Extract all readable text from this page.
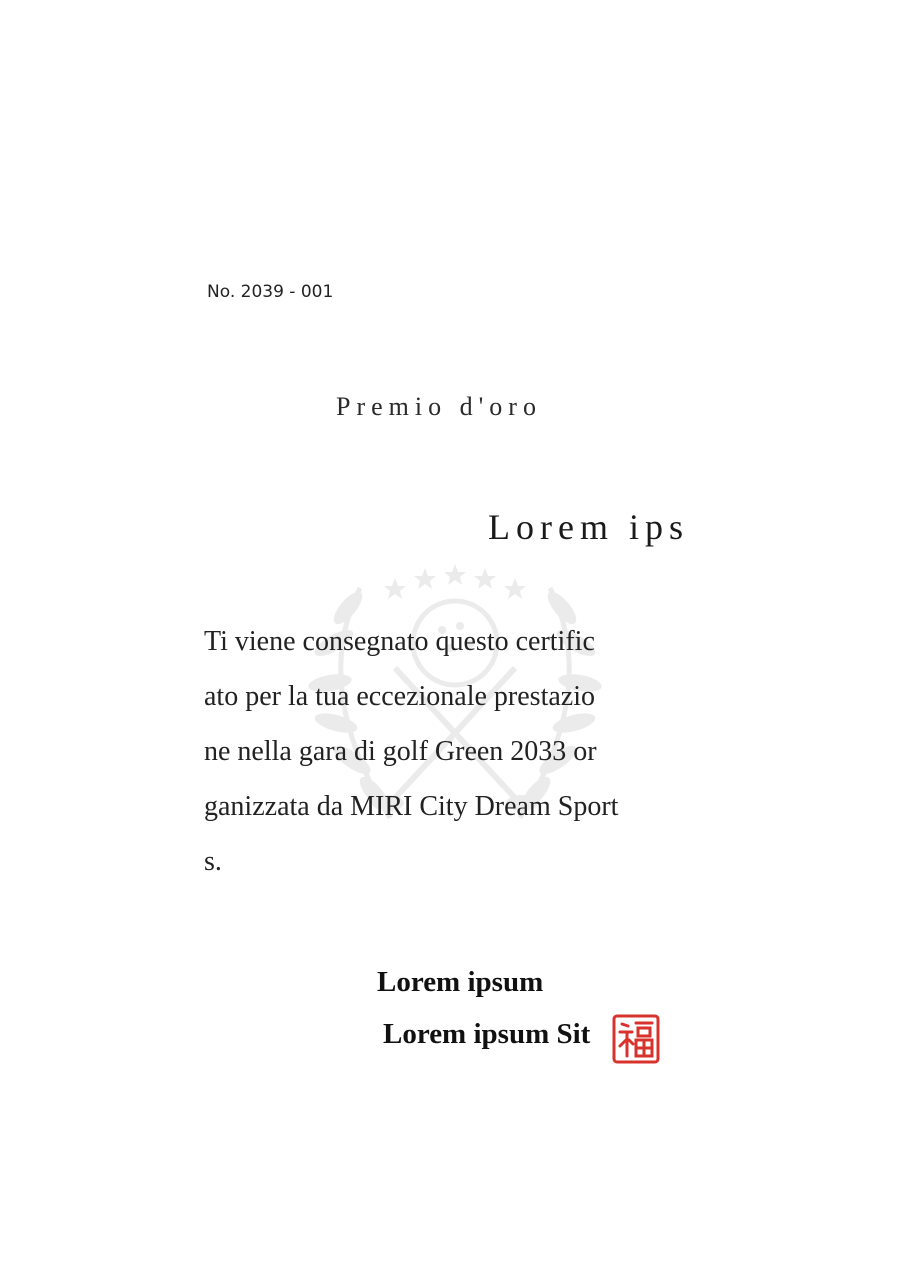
No. 2039 - 001
Premio d'oro
Lorem ips
Ti viene consegnato questo certific
ato per la tua eccezionale prestazio
ne nella gara di golf Green 2033 or
ganizzata da MIRI City Dream Sport
s.
Lorem ipsum
Lorem ipsum Sit
